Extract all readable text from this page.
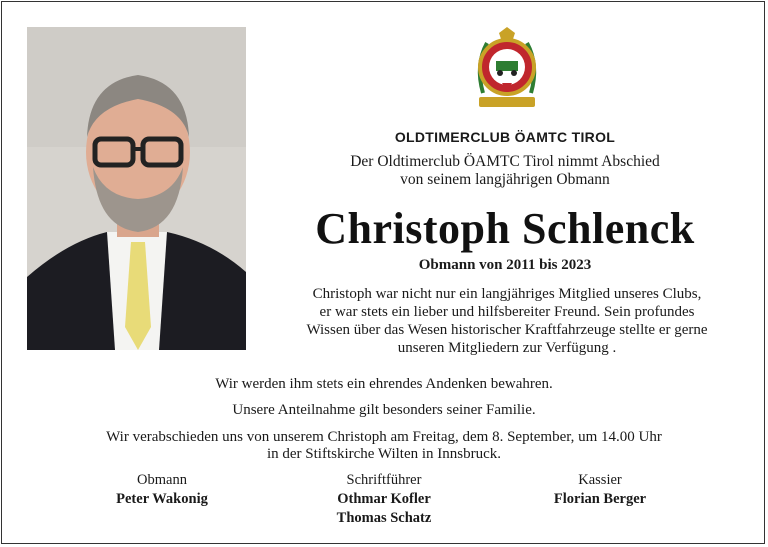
OLDTIMERCLUB ÖAMTC TIROL
Der Oldtimerclub ÖAMTC Tirol nimmt Abschied
von seinem langjährigen Obmann
Christoph Schlenck
Obmann von 2011 bis 2023
Christoph war nicht nur ein langjähriges Mitglied unseres Clubs,
er war stets ein lieber und hilfsbereiter Freund. Sein profundes
Wissen über das Wesen historischer Kraftfahrzeuge stellte er gerne
unseren Mitgliedern zur Verfügung .
Wir werden ihm stets ein ehrendes Andenken bewahren.
Unsere Anteilnahme gilt besonders seiner Familie.
Wir verabschieden uns von unserem Christoph am Freitag, dem 8. September, um 14.00 Uhr
in der Stiftskirche Wilten in Innsbruck.
Obmann
Peter Wakonig
Schriftführer
Othmar Kofler
Thomas Schatz
Kassier
Florian Berger
